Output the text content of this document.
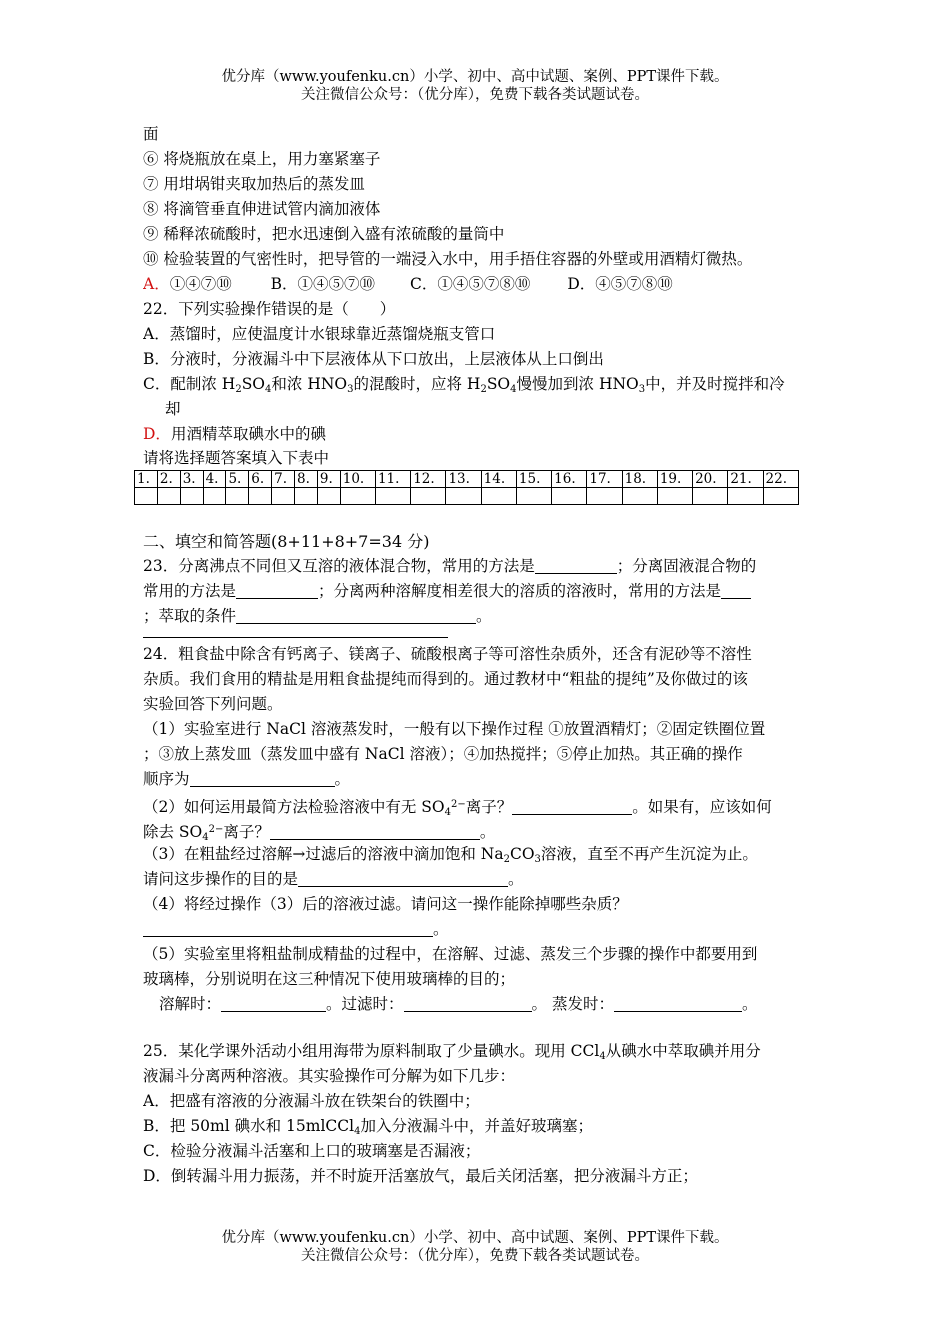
优分库（www.youfenku.cn）小学、初中、高中试题、案例、PPT课件下载。
关注微信公众号：（优分库），免费下载各类试题试卷。
面
⑥ 将烧瓶放在桌上，用力塞紧塞子
⑦ 用坩埚钳夹取加热后的蒸发皿
⑧ 将滴管垂直伸进试管内滴加液体
⑨ 稀释浓硫酸时，把水迅速倒入盛有浓硫酸的量筒中
⑩ 检验装置的气密性时，把导管的一端浸入水中，用手捂住容器的外壁或用酒精灯微热。
A．①④⑦⑩	B．①④⑤⑦⑩ C．①④⑤⑦⑧⑩ D．④⑤⑦⑧⑩
22．下列实验操作错误的是（　　）
A．蒸馏时，应使温度计水银球靠近蒸馏烧瓶支管口
B．分液时，分液漏斗中下层液体从下口放出，上层液体从上口倒出
C．配制浓 $H_2SO_4$和浓 $HNO_3$的混酸时，应将 $H_2SO_4$慢慢加到浓 $HNO_3$中，并及时搅拌和冷
却
D．用酒精萃取碘水中的碘
请将选择题答案填入下表中
1.	2.	3.	4.	5.	6.	7.	8.	9.	10.	11.	12.	13.	14.	15.	16.	17.	18.	19.	20.	21.	22.

二、填空和简答题(8+11+8+7=34 分)
23．分离沸点不同但又互溶的液体混合物，常用的方法是	；分离固液混合物的
常用的方法是	；分离两种溶解度相差很大的溶质的溶液时，常用的方法是
；萃取的条件	。
24．粗食盐中除含有钙离子、镁离子、硫酸根离子等可溶性杂质外，还含有泥砂等不溶性
杂质。我们食用的精盐是用粗食盐提纯而得到的。通过教材中“粗盐的提纯”及你做过的该
实验回答下列问题。
（1）实验室进行 NaCl 溶液蒸发时，一般有以下操作过程 ①放置酒精灯；②固定铁圈位置
；③放上蒸发皿（蒸发皿中盛有 NaCl 溶液）；④加热搅拌；⑤停止加热。其正确的操作
顺序为	。
（2）如何运用最简方法检验溶液中有无 $SO_4^{2-}$离子？	。如果有，应该如何
除去 $SO_4^{2-}$离子？	。
（3）在粗盐经过溶解→过滤后的溶液中滴加饱和 $Na_2CO_3$溶液，直至不再产生沉淀为止。
请问这步操作的目的是	。
（4）将经过操作（3）后的溶液过滤。请问这一操作能除掉哪些杂质？
。
（5）实验室里将粗盐制成精盐的过程中，在溶解、过滤、蒸发三个步骤的操作中都要用到
玻璃棒，分别说明在这三种情况下使用玻璃棒的目的；
溶解时：	。过滤时：	。 蒸发时：	。
25．某化学课外活动小组用海带为原料制取了少量碘水。现用 CCl$_4$从碘水中萃取碘并用分
液漏斗分离两种溶液。其实验操作可分解为如下几步：
A．把盛有溶液的分液漏斗放在铁架台的铁圈中；
B．把 50ml 碘水和 15mlCCl$_4$加入分液漏斗中，并盖好玻璃塞；
C．检验分液漏斗活塞和上口的玻璃塞是否漏液；
D．倒转漏斗用力振荡，并不时旋开活塞放气，最后关闭活塞，把分液漏斗方正；
优分库（www.youfenku.cn）小学、初中、高中试题、案例、PPT课件下载。
关注微信公众号：（优分库），免费下载各类试题试卷。
